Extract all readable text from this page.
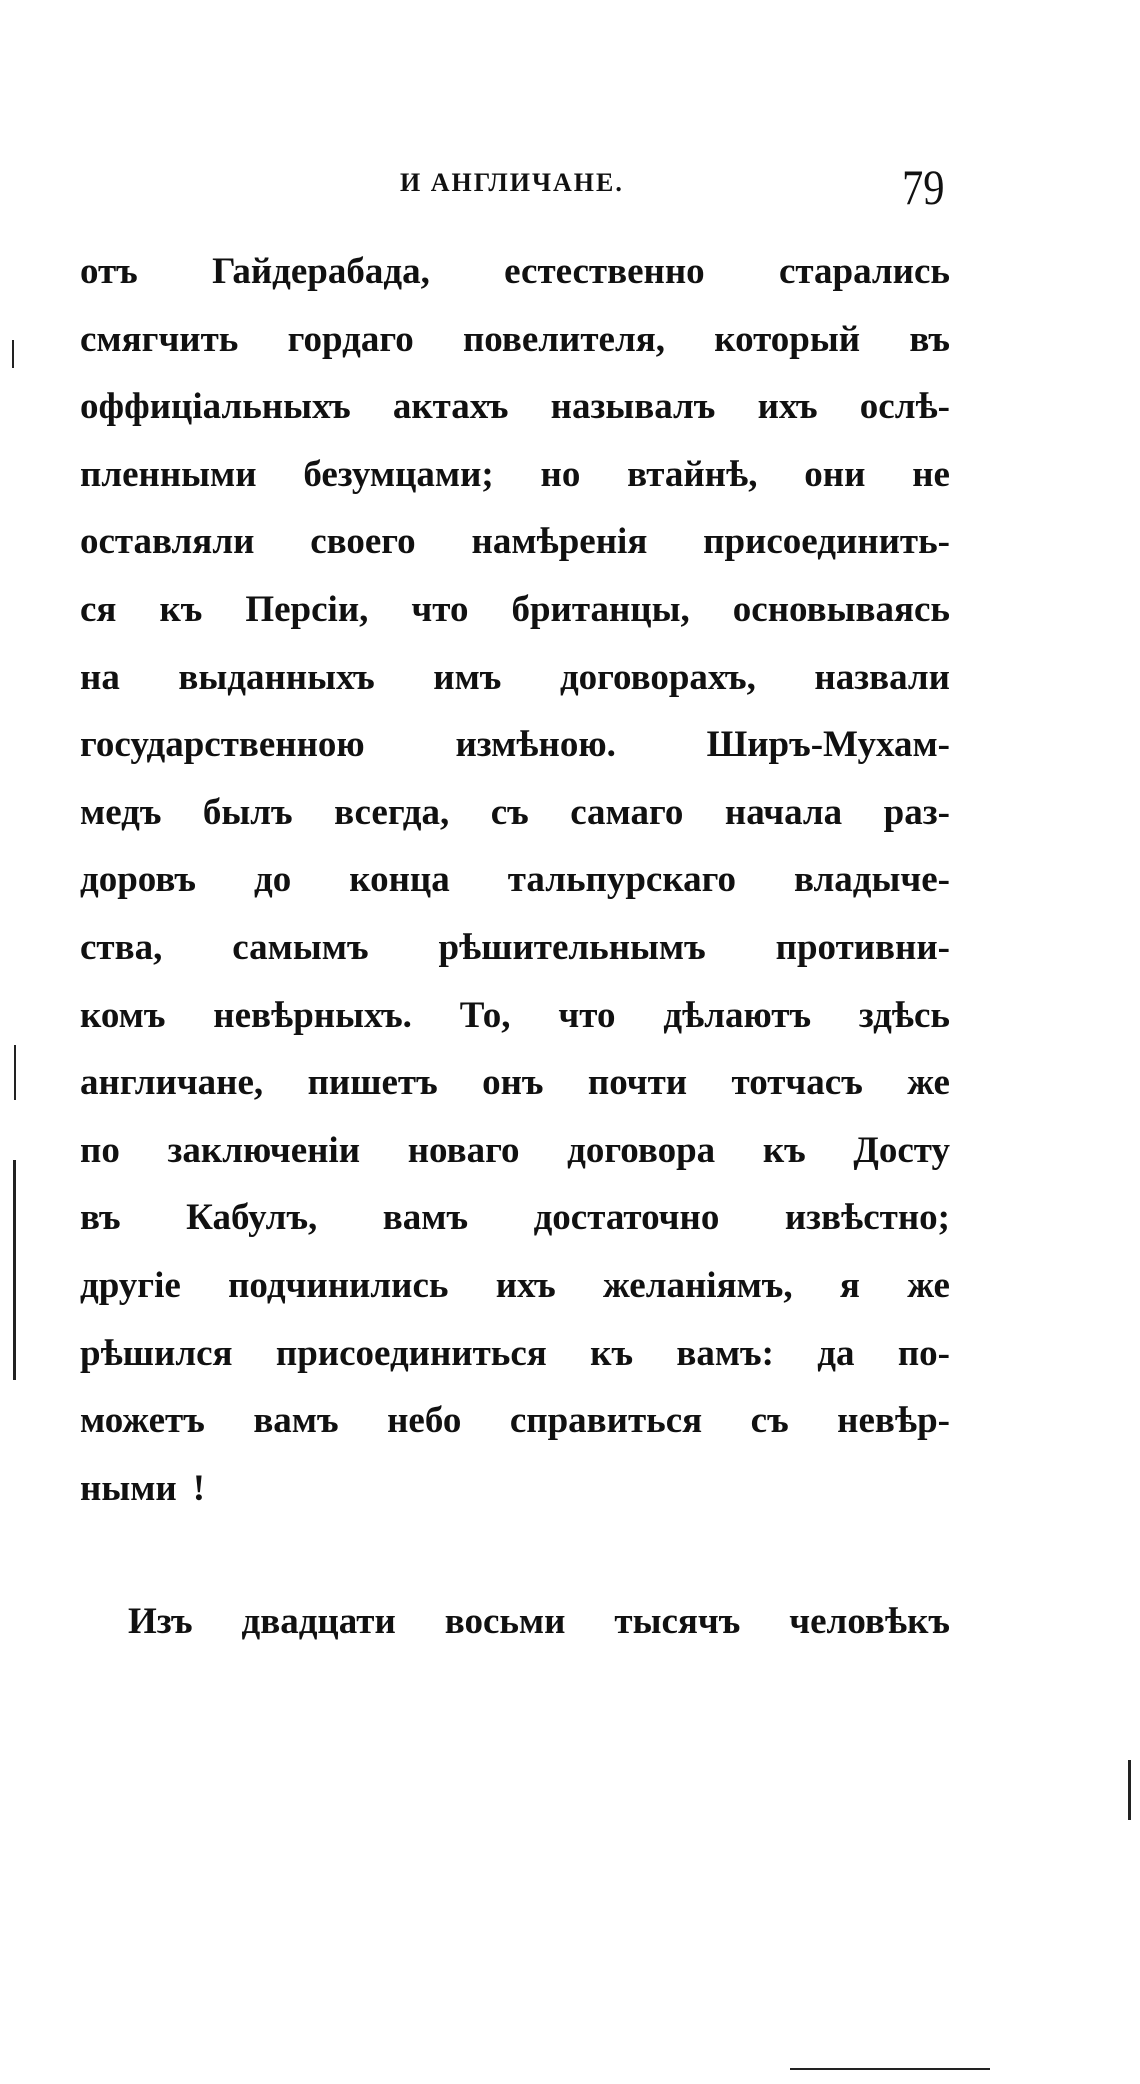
И АНГЛИЧАНЕ.	79
отъ Гайдерабада, естественно старались
смягчить гордаго повелителя, который въ
оффиціальныхъ актахъ называлъ ихъ ослѣ-
пленными безумцами; но втайнѣ, они не
оставляли своего намѣренія присоединить-
ся къ Персіи, что британцы, основываясь
на выданныхъ имъ договорахъ, назвали
государственною измѣною. Ширъ-Мухам-
медъ былъ всегда, съ самаго начала раз-
доровъ до конца тальпурскаго владыче-
ства, самымъ рѣшительнымъ противни-
комъ невѣрныхъ. То, что дѣлаютъ здѣсь
англичане, пишетъ онъ почти тотчасъ же
по заключеніи новаго договора къ Досту
въ Кабулъ, вамъ достаточно извѣстно;
другіе подчинились ихъ желаніямъ, я же
рѣшился присоединиться къ вамъ: да по-
можетъ вамъ небо справиться съ невѣр-
ными !
Изъ двадцати восьми тысячъ человѣкъ
